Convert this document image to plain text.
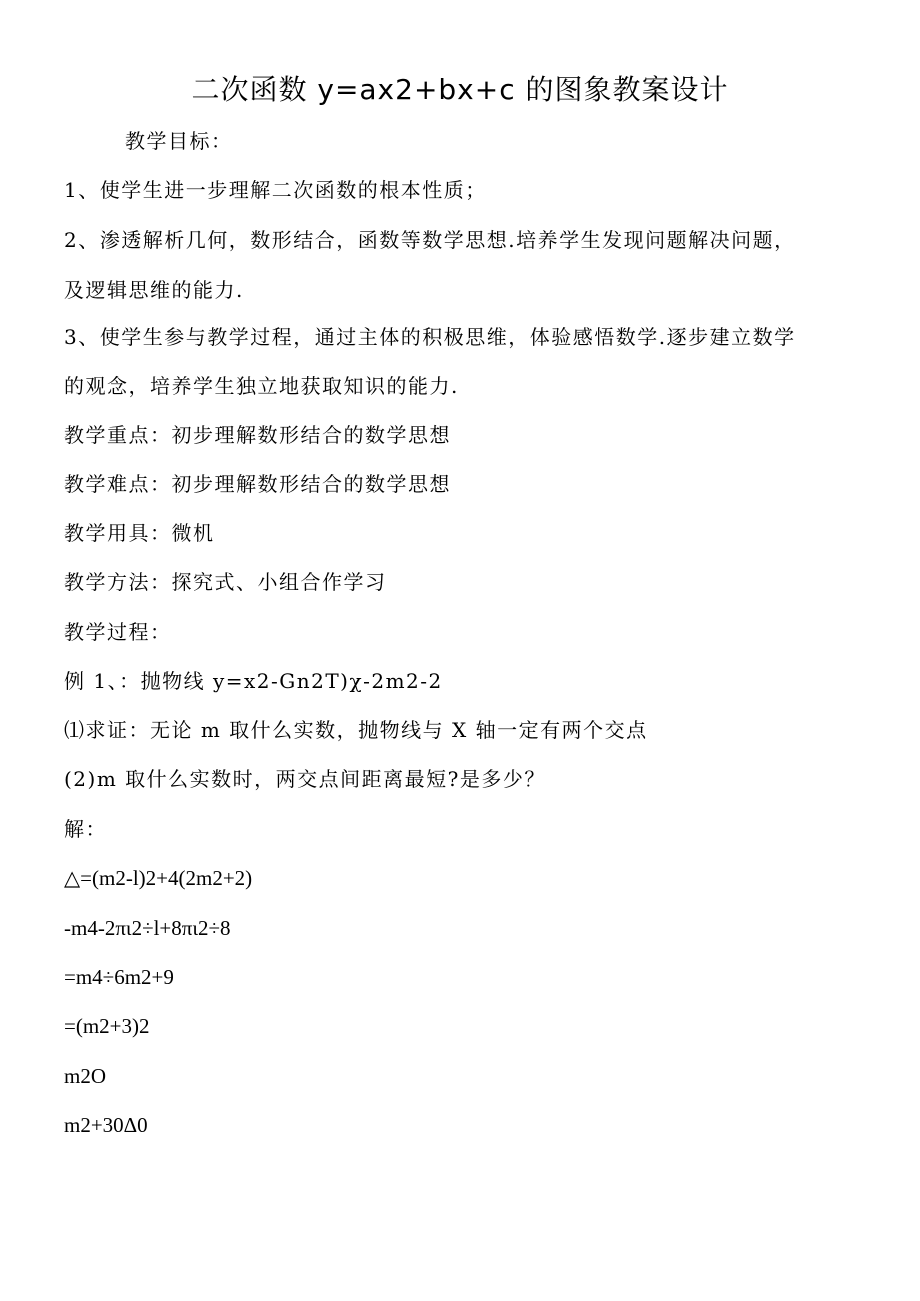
二次函数 y=ax2+bx+c 的图象教案设计
教学目标：
1、使学生进一步理解二次函数的根本性质；
2、渗透解析几何，数形结合，函数等数学思想.培养学生发现问题解决问题，
及逻辑思维的能力.
3、使学生参与教学过程，通过主体的积极思维，体验感悟数学.逐步建立数学
的观念，培养学生独立地获取知识的能力.
教学重点：初步理解数形结合的数学思想
教学难点：初步理解数形结合的数学思想
教学用具：微机
教学方法：探究式、小组合作学习
教学过程：
例 1、：抛物线 y=x2-Gn2T)χ-2m2-2
⑴求证：无论 m 取什么实数，抛物线与 X 轴一定有两个交点
(2)m 取什么实数时，两交点间距离最短?是多少？
解：
△=(m2-l)2+4(2m2+2)
-m4-2πι2÷l+8πι2÷8
=m4÷6m2+9
=(m2+3)2
m2O
m2+30Δ0
